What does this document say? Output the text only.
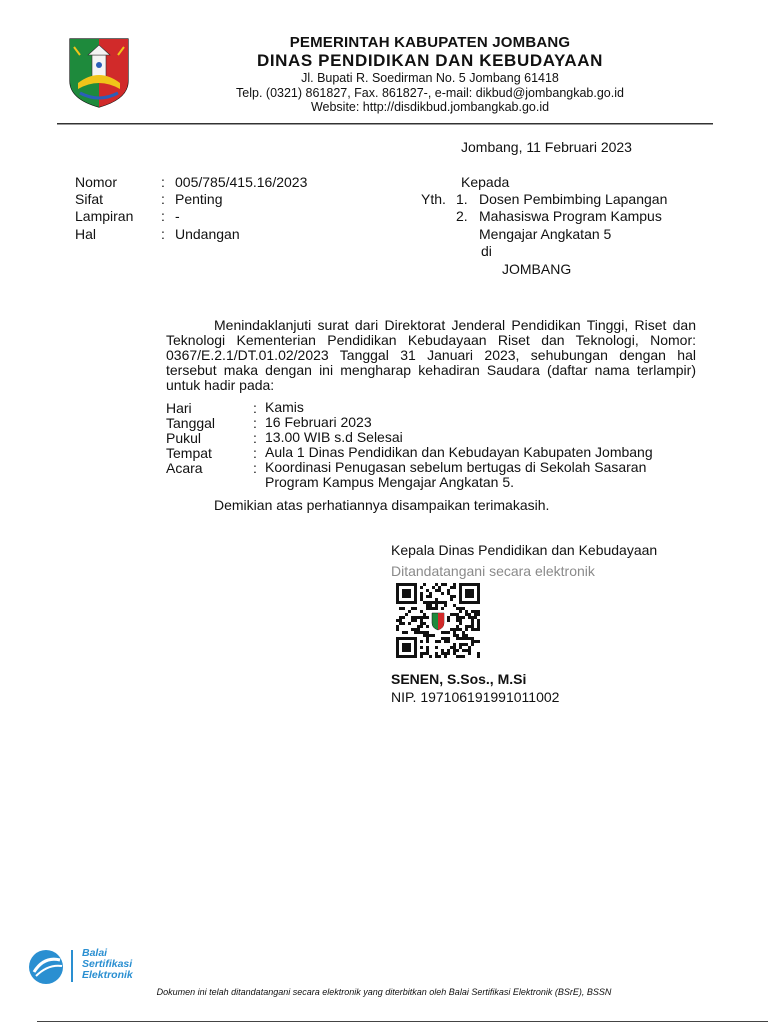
PEMERINTAH KABUPATEN JOMBANG
DINAS PENDIDIKAN DAN KEBUDAYAAN
Jl. Bupati R. Soedirman No. 5 Jombang 61418
Telp. (0321) 861827, Fax. 861827-, e-mail: dikbud@jombangkab.go.id
Website: http://disdikbud.jombangkab.go.id
Jombang, 11 Februari 2023
Nomor	: 005/785/415.16/2023
Sifat	: Penting
Lampiran : -
Hal	: Undangan
Kepada
Yth. 1. Dosen Pembimbing Lapangan
2. Mahasiswa Program Kampus
Mengajar Angkatan 5
di
JOMBANG

Menindaklanjuti surat dari Direktorat Jenderal Pendidikan Tinggi, Riset dan Teknologi Kementerian Pendidikan Kebudayaan Riset dan Teknologi, Nomor: 0367/E.2.1/DT.01.02/2023 Tanggal 31 Januari 2023, sehubungan dengan hal tersebut maka dengan ini mengharap kehadiran Saudara (daftar nama terlampir) untuk hadir pada:

Hari	: Kamis
Tanggal	: 16 Februari 2023
Pukul	: 13.00 WIB s.d Selesai
Tempat	: Aula 1 Dinas Pendidikan dan Kebudayan Kabupaten Jombang
Acara	: Koordinasi Penugasan sebelum bertugas di Sekolah Sasaran Program Kampus Mengajar Angkatan 5.
Demikian atas perhatiannya disampaikan terimakasih.
Kepala Dinas Pendidikan dan Kebudayaan
Ditandatangani secara elektronik
SENEN, S.Sos., M.Si
NIP. 197106191991011002
Balai
Sertifikasi
Elektronik
Dokumen ini telah ditandatangani secara elektronik yang diterbitkan oleh Balai Sertifikasi Elektronik (BSrE), BSSN
